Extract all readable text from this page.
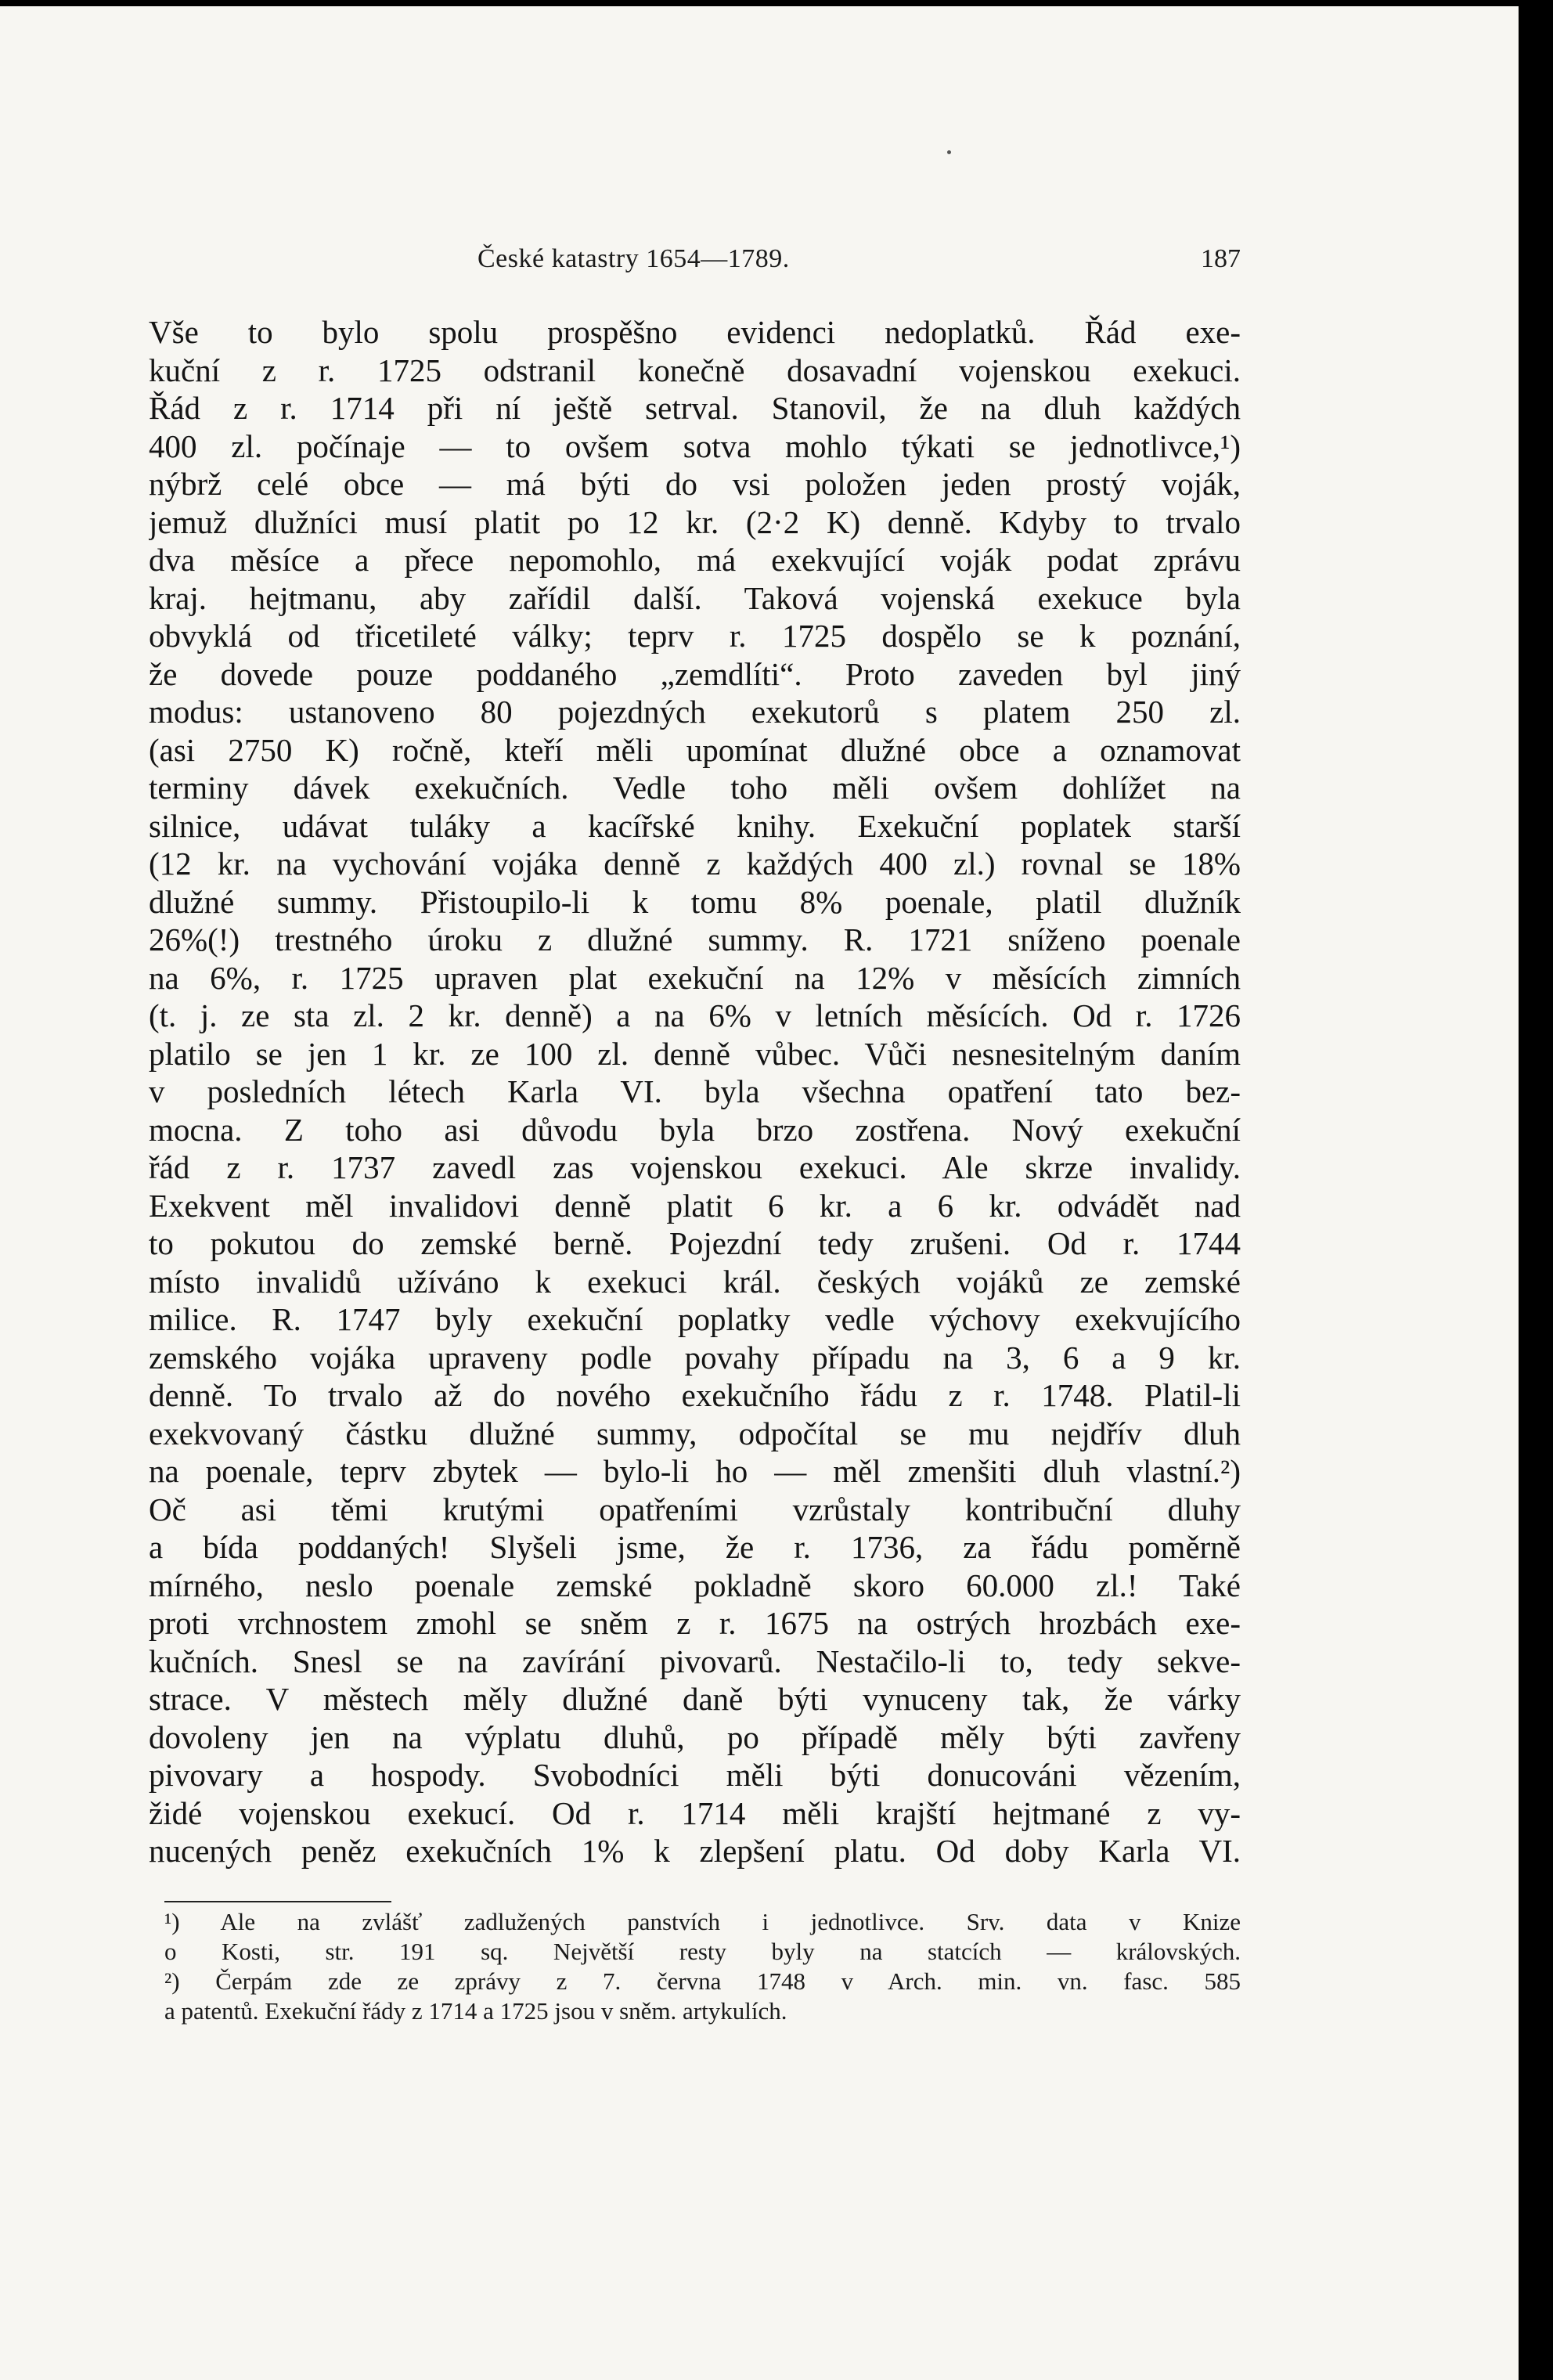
České katastry 1654—1789.	187
Vše to bylo spolu prospěšno evidenci nedoplatků. Řád exe-
kuční z r. 1725 odstranil konečně dosavadní vojenskou exekuci.
Řád z r. 1714 při ní ještě setrval. Stanovil, že na dluh každých
400 zl. počínaje — to ovšem sotva mohlo týkati se jednotlivce,¹)
nýbrž celé obce — má býti do vsi položen jeden prostý voják,
jemuž dlužníci musí platit po 12 kr. (2·2 K) denně. Kdyby to trvalo
dva měsíce a přece nepomohlo, má exekvující voják podat zprávu
kraj. hejtmanu, aby zařídil další. Taková vojenská exekuce byla
obvyklá od třicetileté války; teprv r. 1725 dospělo se k poznání,
že dovede pouze poddaného „zemdlíti“. Proto zaveden byl jiný
modus: ustanoveno 80 pojezdných exekutorů s platem 250 zl.
(asi 2750 K) ročně, kteří měli upomínat dlužné obce a oznamovat
terminy dávek exekučních. Vedle toho měli ovšem dohlížet na
silnice, udávat tuláky a kacířské knihy. Exekuční poplatek starší
(12 kr. na vychování vojáka denně z každých 400 zl.) rovnal se 18%
dlužné summy. Přistoupilo-li k tomu 8% poenale, platil dlužník
26%(!) trestného úroku z dlužné summy. R. 1721 sníženo poenale
na 6%, r. 1725 upraven plat exekuční na 12% v měsících zimních
(t. j. ze sta zl. 2 kr. denně) a na 6% v letních měsících. Od r. 1726
platilo se jen 1 kr. ze 100 zl. denně vůbec. Vůči nesnesitelným daním
v posledních létech Karla VI. byla všechna opatření tato bez-
mocna. Z toho asi důvodu byla brzo zostřena. Nový exekuční
řád z r. 1737 zavedl zas vojenskou exekuci. Ale skrze invalidy.
Exekvent měl invalidovi denně platit 6 kr. a 6 kr. odvádět nad
to pokutou do zemské berně. Pojezdní tedy zrušeni. Od r. 1744
místo invalidů užíváno k exekuci král. českých vojáků ze zemské
milice. R. 1747 byly exekuční poplatky vedle výchovy exekvujícího
zemského vojáka upraveny podle povahy případu na 3, 6 a 9 kr.
denně. To trvalo až do nového exekučního řádu z r. 1748. Platil-li
exekvovaný částku dlužné summy, odpočítal se mu nejdřív dluh
na poenale, teprv zbytek — bylo-li ho — měl zmenšiti dluh vlastní.²)
Oč asi těmi krutými opatřeními vzrůstaly kontribuční dluhy
a bída poddaných! Slyšeli jsme, že r. 1736, za řádu poměrně
mírného, neslo poenale zemské pokladně skoro 60.000 zl.! Také
proti vrchnostem zmohl se sněm z r. 1675 na ostrých hrozbách exe-
kučních. Snesl se na zavírání pivovarů. Nestačilo-li to, tedy sekve-
strace. V městech měly dlužné daně býti vynuceny tak, že várky
dovoleny jen na výplatu dluhů, po případě měly býti zavřeny
pivovary a hospody. Svobodníci měli býti donucováni vězením,
židé vojenskou exekucí. Od r. 1714 měli krajští hejtmané z vy-
nucených peněz exekučních 1% k zlepšení platu. Od doby Karla VI.
¹) Ale na zvlášť zadlužených panstvích i jednotlivce. Srv. data v Knize
o Kosti, str. 191 sq. Největší resty byly na statcích — královských.
²) Čerpám zde ze zprávy z 7. června 1748 v Arch. min. vn. fasc. 585
a patentů. Exekuční řády z 1714 a 1725 jsou v sněm. artykulích.
